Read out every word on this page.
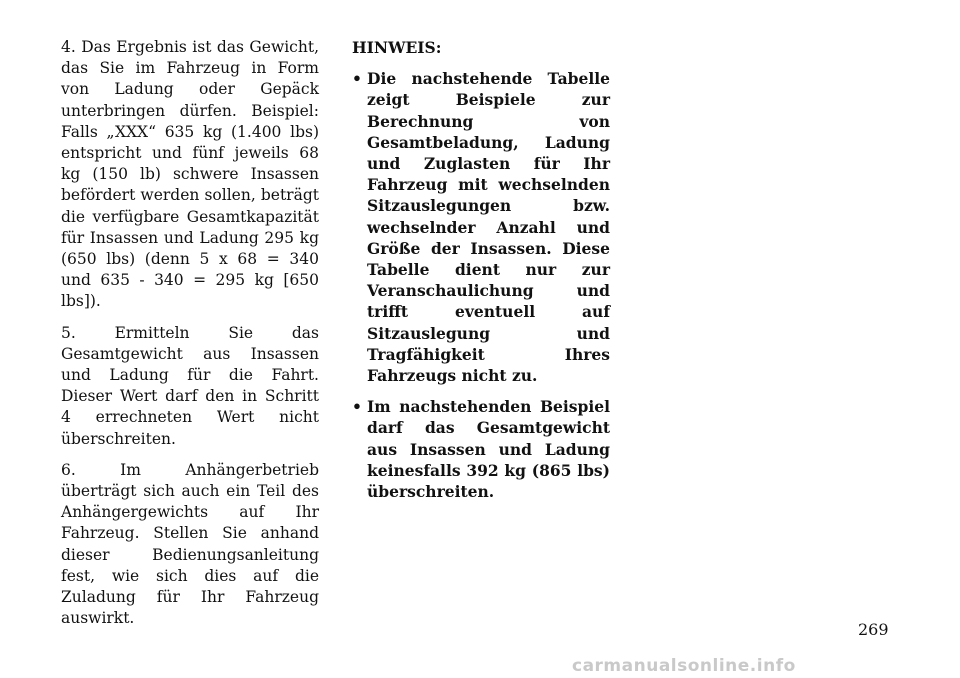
4. Das Ergebnis ist das Gewicht, das Sie im Fahrzeug in Form von Ladung oder Gepäck unterbringen dürfen. Beispiel: Falls „XXX“ 635 kg (1.400 lbs) entspricht und fünf jeweils 68 kg (150 lb) schwere Insassen befördert werden sollen, beträgt die verfügbare Gesamtkapazität für Insassen und Ladung 295 kg (650 lbs) (denn 5 x 68 = 340 und 635 - 340 = 295 kg [650 lbs]).

5. Ermitteln Sie das Gesamtgewicht aus Insassen und Ladung für die Fahrt. Dieser Wert darf den in Schritt 4 errechneten Wert nicht überschreiten.

6. Im Anhängerbetrieb überträgt sich auch ein Teil des Anhängergewichts auf Ihr Fahrzeug. Stellen Sie anhand dieser Bedienungsanleitung fest, wie sich dies auf die Zuladung für Ihr Fahrzeug auswirkt.

HINWEIS:
• Die nachstehende Tabelle zeigt Beispiele zur Berechnung von Gesamtbeladung, Ladung und Zuglasten für Ihr Fahrzeug mit wechselnden Sitzauslegungen bzw. wechselnder Anzahl und Größe der Insassen. Diese Tabelle dient nur zur Veranschaulichung und trifft eventuell auf Sitzauslegung und Tragfähigkeit Ihres Fahrzeugs nicht zu.
• Im nachstehenden Beispiel darf das Gesamtgewicht aus Insassen und Ladung keinesfalls 392 kg (865 lbs) überschreiten.
269
carmanualsonline.info
